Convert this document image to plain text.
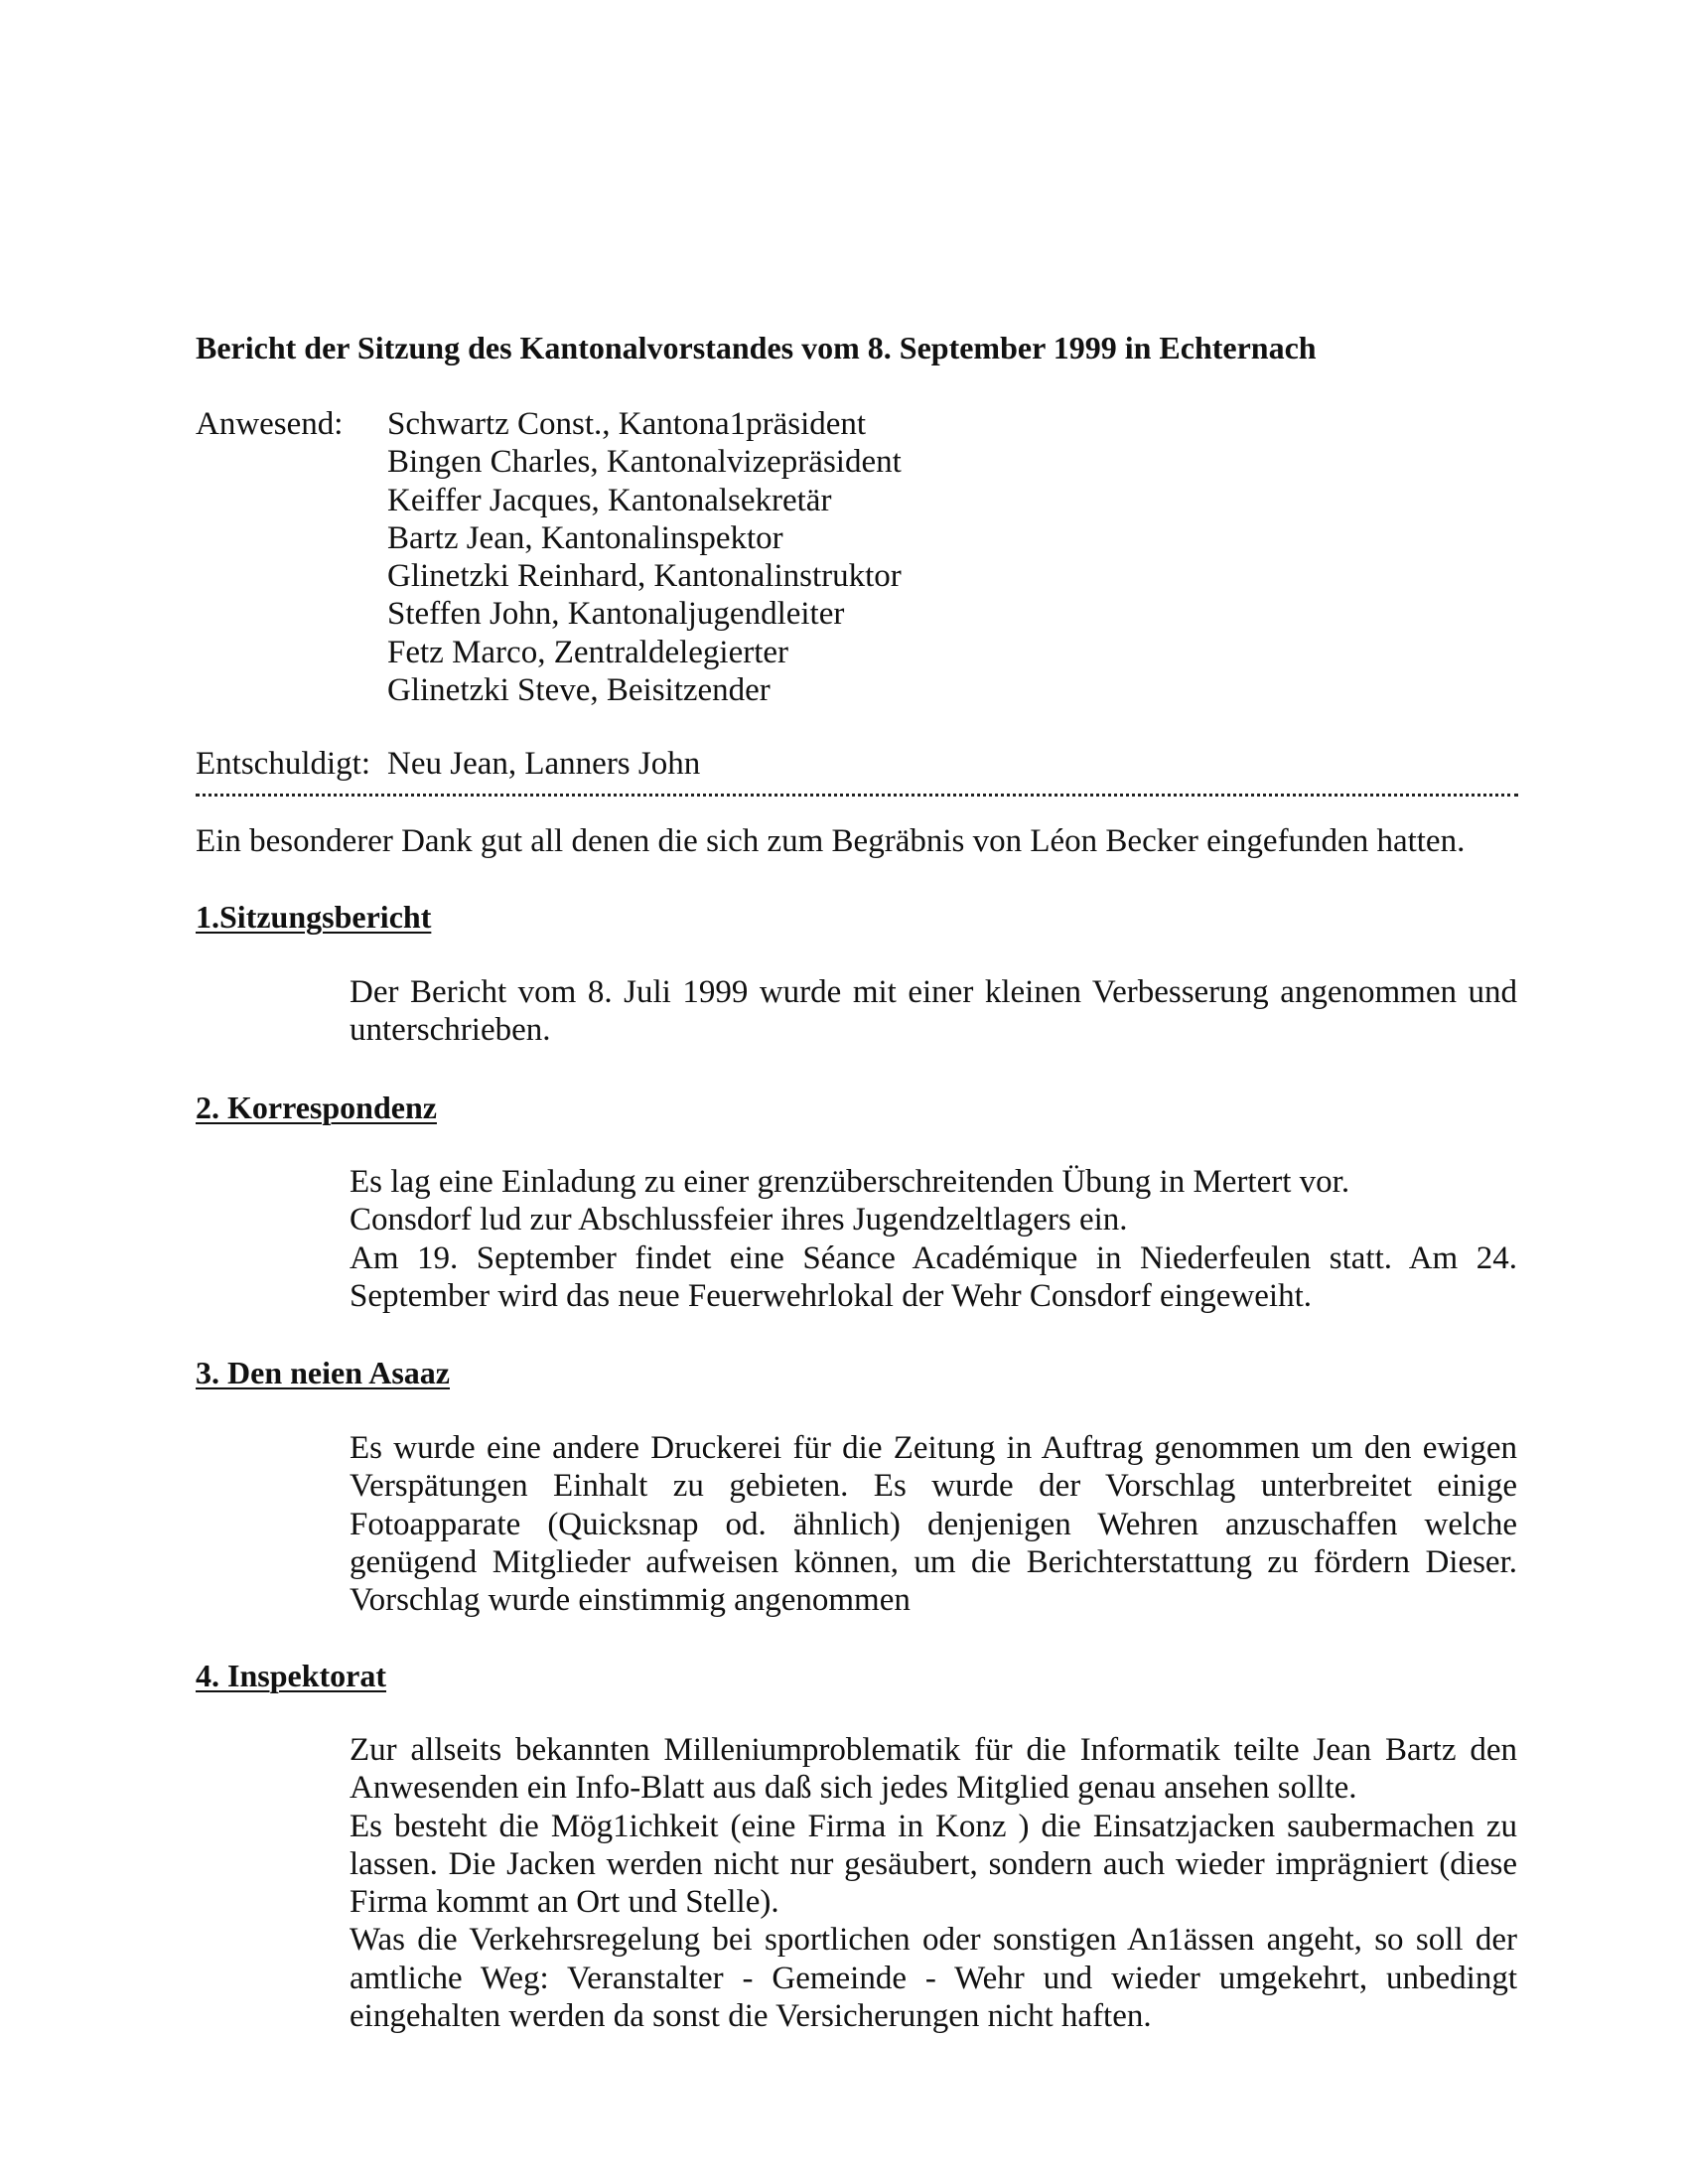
Bericht der Sitzung des Kantonalvorstandes vom 8. September 1999 in Echternach
Anwesend: Schwartz Const., Kantona1präsident
Bingen Charles, Kantonalvizepräsident
Keiffer Jacques, Kantonalsekretär
Bartz Jean, Kantonalinspektor
Glinetzki Reinhard, Kantonalinstruktor
Steffen John, Kantonaljugendleiter
Fetz Marco, Zentraldelegierter
Glinetzki Steve, Beisitzender
Entschuldigt: Neu Jean, Lanners John
Ein besonderer Dank gut all denen die sich zum Begräbnis von Léon Becker eingefunden hatten.
1.Sitzungsbericht

Der Bericht vom 8. Juli 1999 wurde mit einer kleinen Verbesserung angenommen und
unterschrieben.

2. Korrespondenz

Es lag eine Einladung zu einer grenzüberschreitenden Übung in Mertert vor.
Consdorf lud zur Abschlussfeier ihres Jugendzeltlagers ein.
Am 19. September findet eine Séance Académique in Niederfeulen statt. Am 24.
September wird das neue Feuerwehrlokal der Wehr Consdorf eingeweiht.

3. Den neien Asaaz

Es wurde eine andere Druckerei für die Zeitung in Auftrag genommen um den ewigen
Verspätungen Einhalt zu gebieten. Es wurde der Vorschlag unterbreitet einige
Fotoapparate (Quicksnap od. ähnlich) denjenigen Wehren anzuschaffen welche
genügend Mitglieder aufweisen können, um die Berichterstattung zu fördern Dieser.
Vorschlag wurde einstimmig angenommen

4. Inspektorat

Zur allseits bekannten Milleniumproblematik für die Informatik teilte Jean Bartz den
Anwesenden ein Info-Blatt aus daß sich jedes Mitglied genau ansehen sollte.
Es besteht die Mög1ichkeit (eine Firma in Konz ) die Einsatzjacken saubermachen zu
lassen. Die Jacken werden nicht nur gesäubert, sondern auch wieder imprägniert (diese
Firma kommt an Ort und Stelle).
Was die Verkehrsregelung bei sportlichen oder sonstigen An1ässen angeht, so soll der
amtliche Weg: Veranstalter - Gemeinde - Wehr und wieder umgekehrt, unbedingt
eingehalten werden da sonst die Versicherungen nicht haften.
